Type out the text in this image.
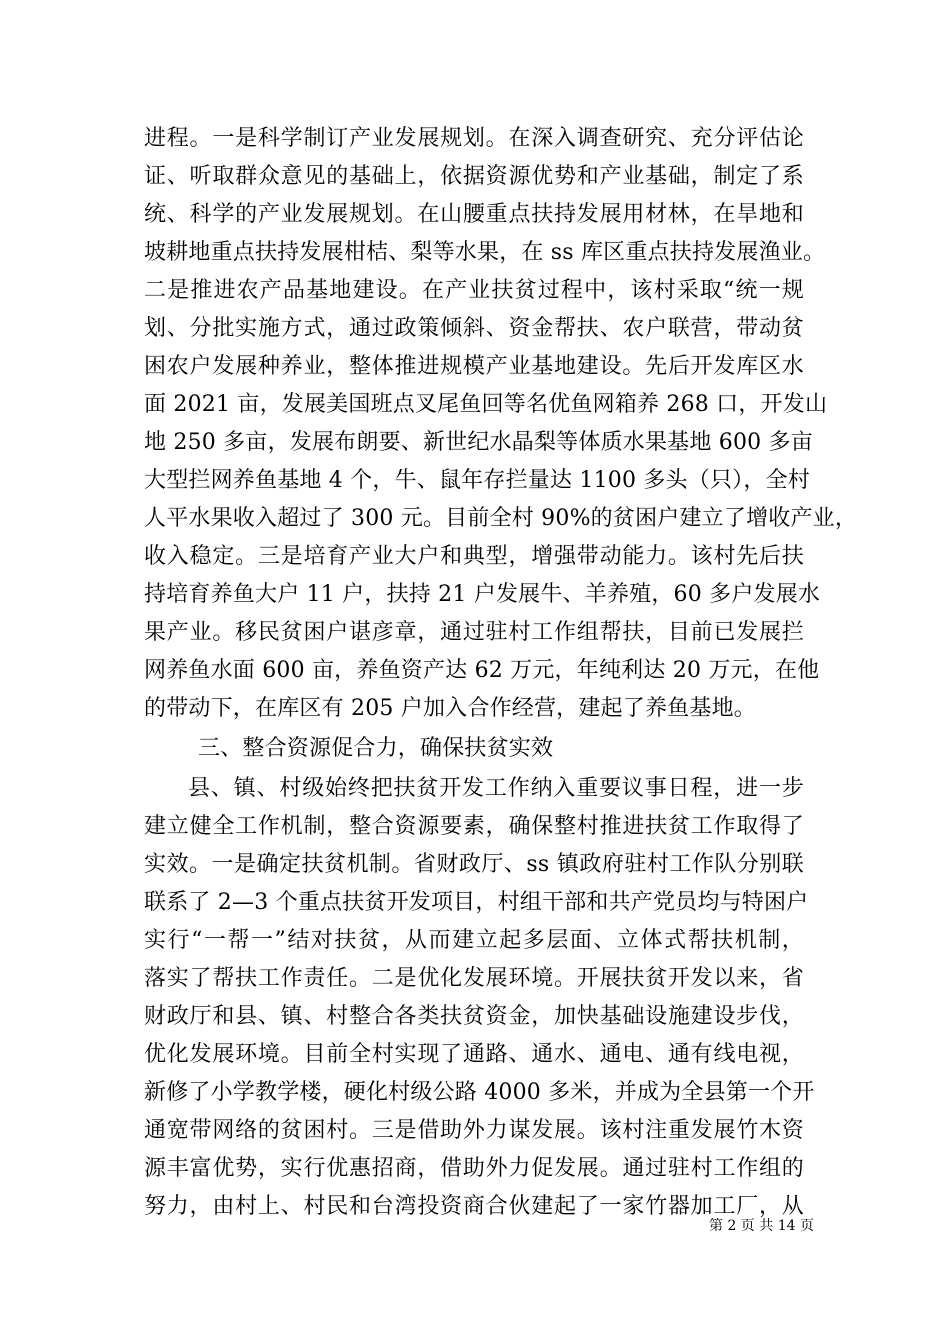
进程。一是科学制订产业发展规划。在深入调查研究、充分评估论
证、听取群众意见的基础上，依据资源优势和产业基础，制定了系
统、科学的产业发展规划。在山腰重点扶持发展用材林，在旱地和
坡耕地重点扶持发展柑桔、梨等水果，在 ss 库区重点扶持发展渔业。
二是推进农产品基地建设。在产业扶贫过程中，该村采取“统一规
划、分批实施方式，通过政策倾斜、资金帮扶、农户联营，带动贫
困农户发展种养业，整体推进规模产业基地建设。先后开发库区水
面 2021 亩，发展美国班点叉尾鱼回等名优鱼网箱养 268 口，开发山
地 250 多亩，发展布朗要、新世纪水晶梨等体质水果基地 600 多亩
大型拦网养鱼基地 4 个，牛、鼠年存拦量达 1100 多头（只），全村
人平水果收入超过了 300 元。目前全村 90%的贫困户建立了增收产业，
收入稳定。三是培育产业大户和典型，增强带动能力。该村先后扶
持培育养鱼大户 11 户，扶持 21 户发展牛、羊养殖，60 多户发展水
果产业。移民贫困户谌彦章，通过驻村工作组帮扶，目前已发展拦
网养鱼水面 600 亩，养鱼资产达 62 万元，年纯利达 20 万元，在他
的带动下，在库区有 205 户加入合作经营，建起了养鱼基地。
三、整合资源促合力，确保扶贫实效
县、镇、村级始终把扶贫开发工作纳入重要议事日程，进一步
建立健全工作机制，整合资源要素，确保整村推进扶贫工作取得了
实效。一是确定扶贫机制。省财政厅、ss 镇政府驻村工作队分别联
联系了 2—3 个重点扶贫开发项目，村组干部和共产党员均与特困户
实行“一帮一”结对扶贫，从而建立起多层面、立体式帮扶机制，
落实了帮扶工作责任。二是优化发展环境。开展扶贫开发以来，省
财政厅和县、镇、村整合各类扶贫资金，加快基础设施建设步伐，
优化发展环境。目前全村实现了通路、通水、通电、通有线电视，
新修了小学教学楼，硬化村级公路 4000 多米，并成为全县第一个开
通宽带网络的贫困村。三是借助外力谋发展。该村注重发展竹木资
源丰富优势，实行优惠招商，借助外力促发展。通过驻村工作组的
努力，由村上、村民和台湾投资商合伙建起了一家竹器加工厂，从
第 2 页 共 14 页
